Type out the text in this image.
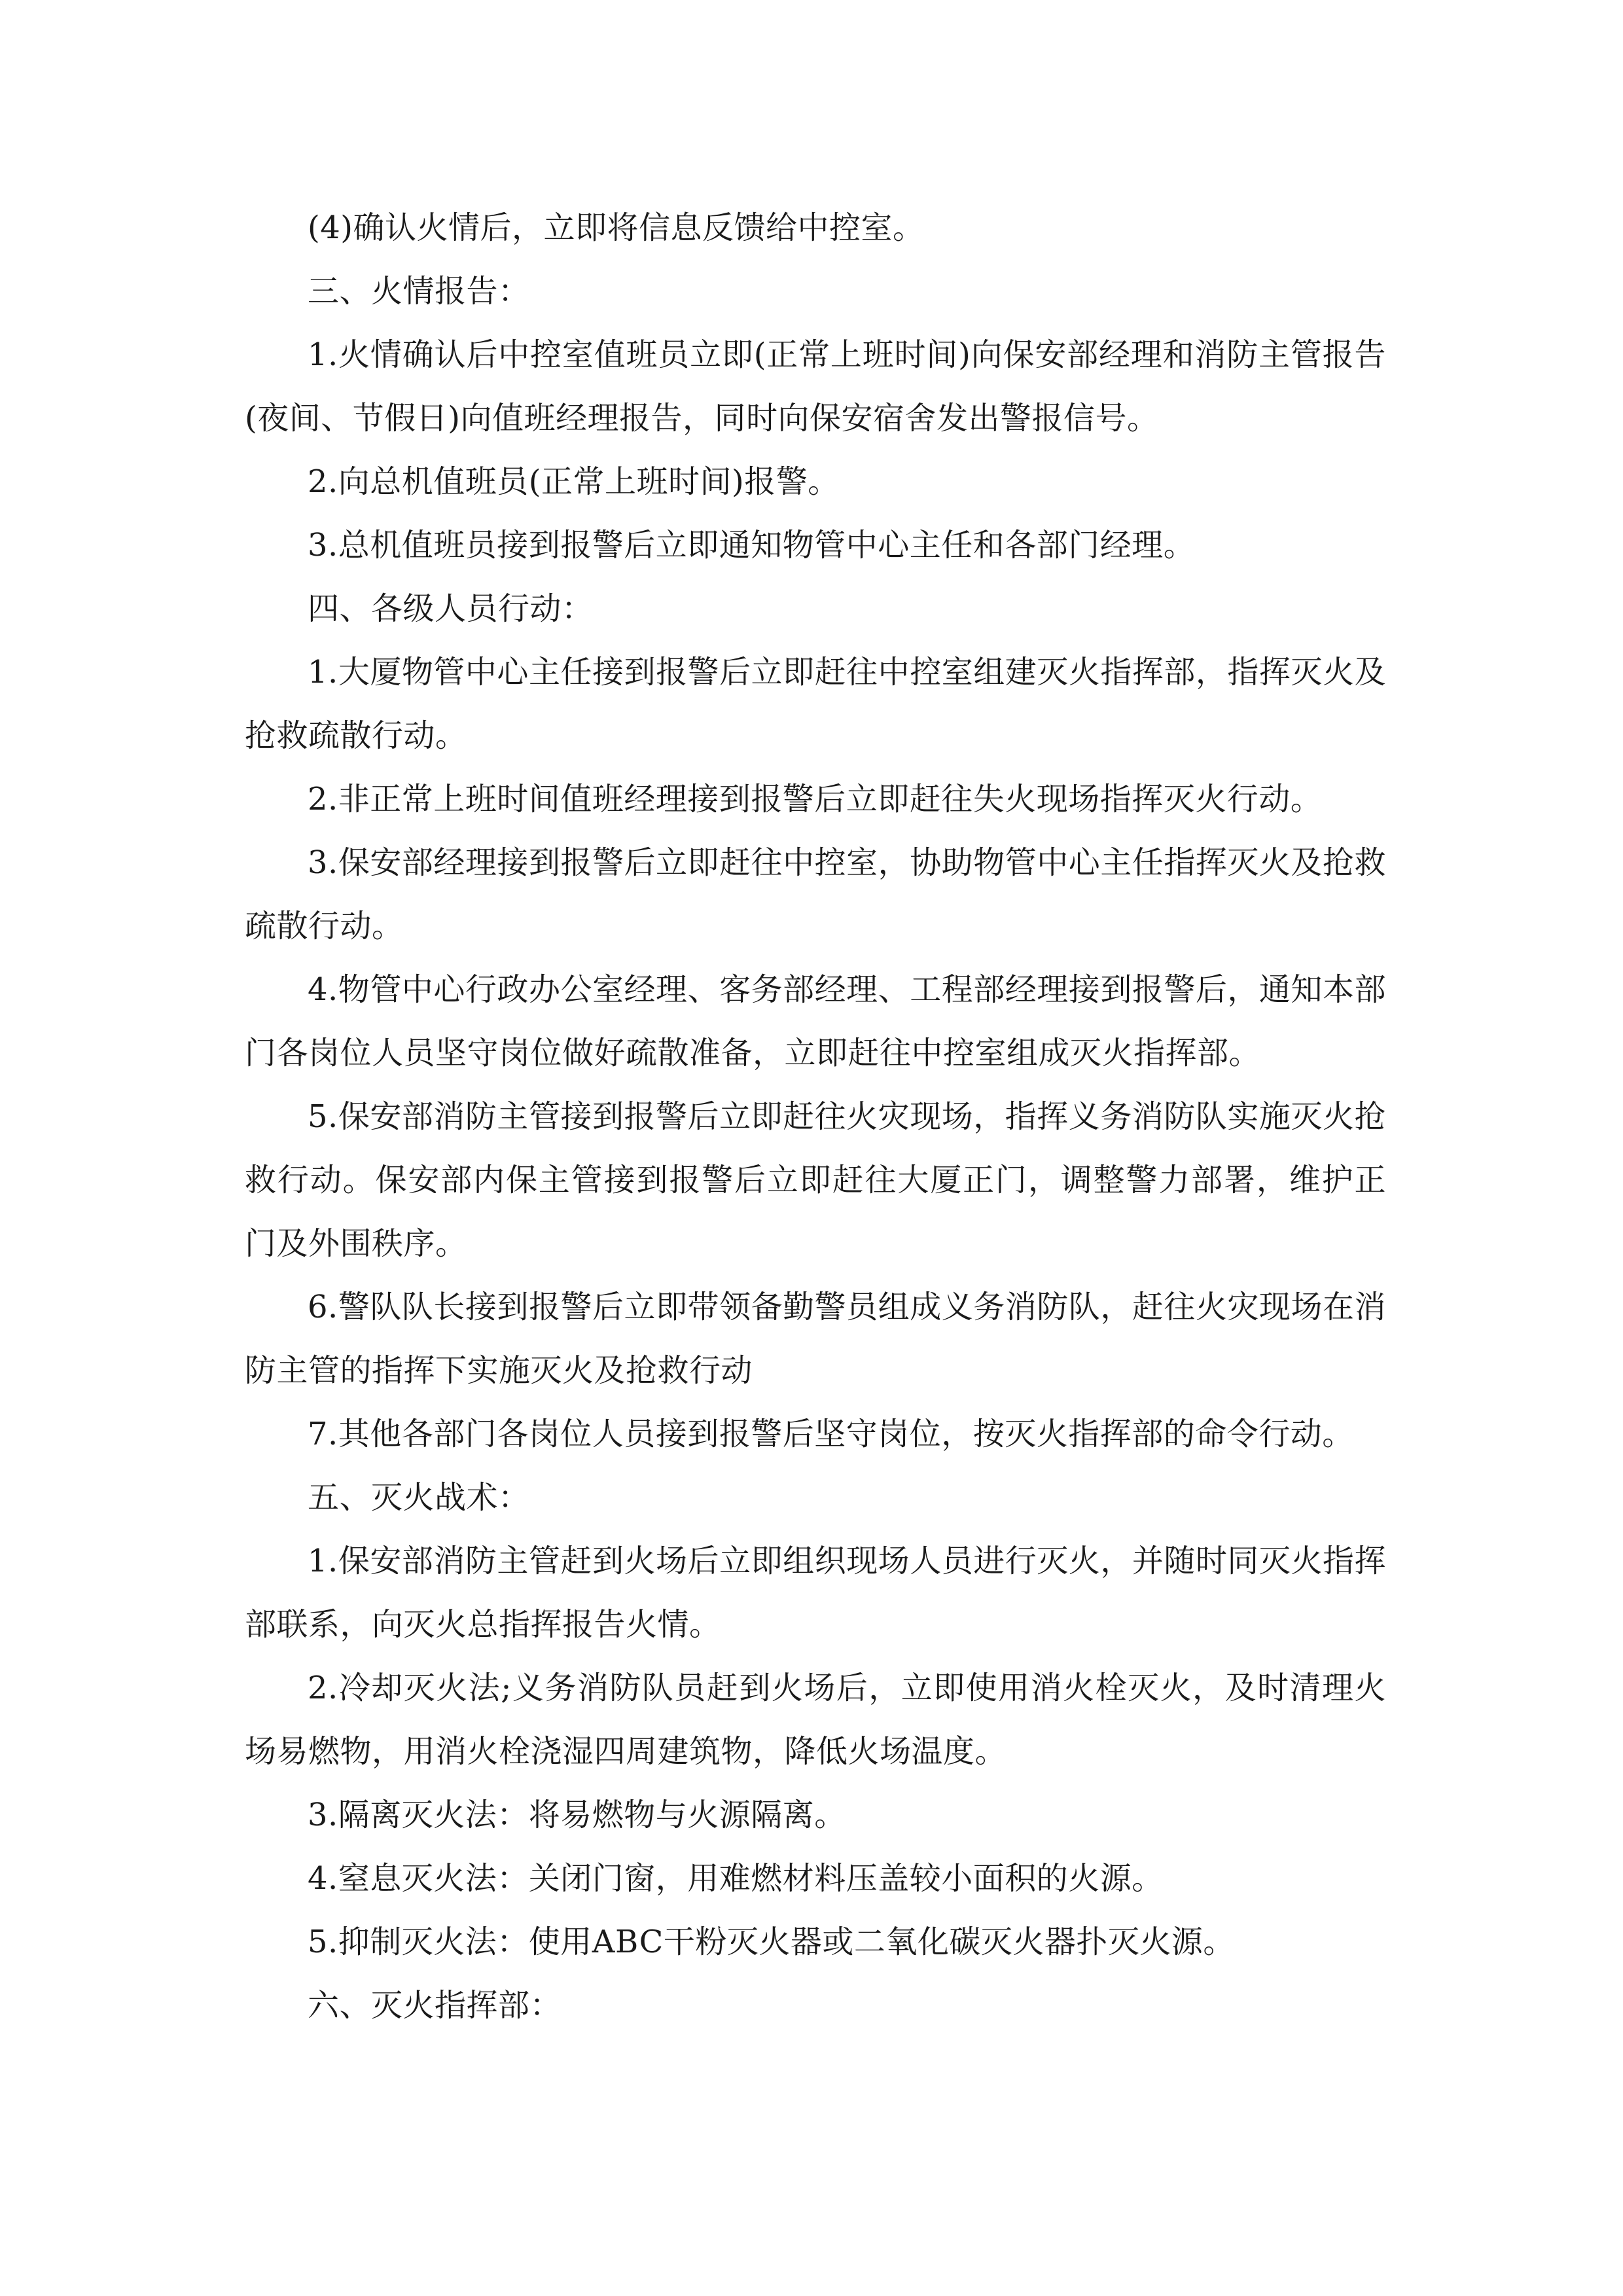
(4)确认火情后，立即将信息反馈给中控室。

三、火情报告：

1.火情确认后中控室值班员立即(正常上班时间)向保安部经理和消防主管报告(夜间、节假日)向值班经理报告，同时向保安宿舍发出警报信号。

2.向总机值班员(正常上班时间)报警。

3.总机值班员接到报警后立即通知物管中心主任和各部门经理。

四、各级人员行动：

1.大厦物管中心主任接到报警后立即赶往中控室组建灭火指挥部，指挥灭火及抢救疏散行动。

2.非正常上班时间值班经理接到报警后立即赶往失火现场指挥灭火行动。

3.保安部经理接到报警后立即赶往中控室，协助物管中心主任指挥灭火及抢救疏散行动。

4.物管中心行政办公室经理、客务部经理、工程部经理接到报警后，通知本部门各岗位人员坚守岗位做好疏散准备，立即赶往中控室组成灭火指挥部。

5.保安部消防主管接到报警后立即赶往火灾现场，指挥义务消防队实施灭火抢救行动。保安部内保主管接到报警后立即赶往大厦正门，调整警力部署，维护正门及外围秩序。

6.警队队长接到报警后立即带领备勤警员组成义务消防队，赶往火灾现场在消防主管的指挥下实施灭火及抢救行动

7.其他各部门各岗位人员接到报警后坚守岗位，按灭火指挥部的命令行动。

五、灭火战术：

1.保安部消防主管赶到火场后立即组织现场人员进行灭火，并随时同灭火指挥部联系，向灭火总指挥报告火情。

2.冷却灭火法;义务消防队员赶到火场后，立即使用消火栓灭火，及时清理火场易燃物，用消火栓浇湿四周建筑物，降低火场温度。

3.隔离灭火法：将易燃物与火源隔离。

4.窒息灭火法：关闭门窗，用难燃材料压盖较小面积的火源。

5.抑制灭火法：使用ABC干粉灭火器或二氧化碳灭火器扑灭火源。

六、灭火指挥部：
